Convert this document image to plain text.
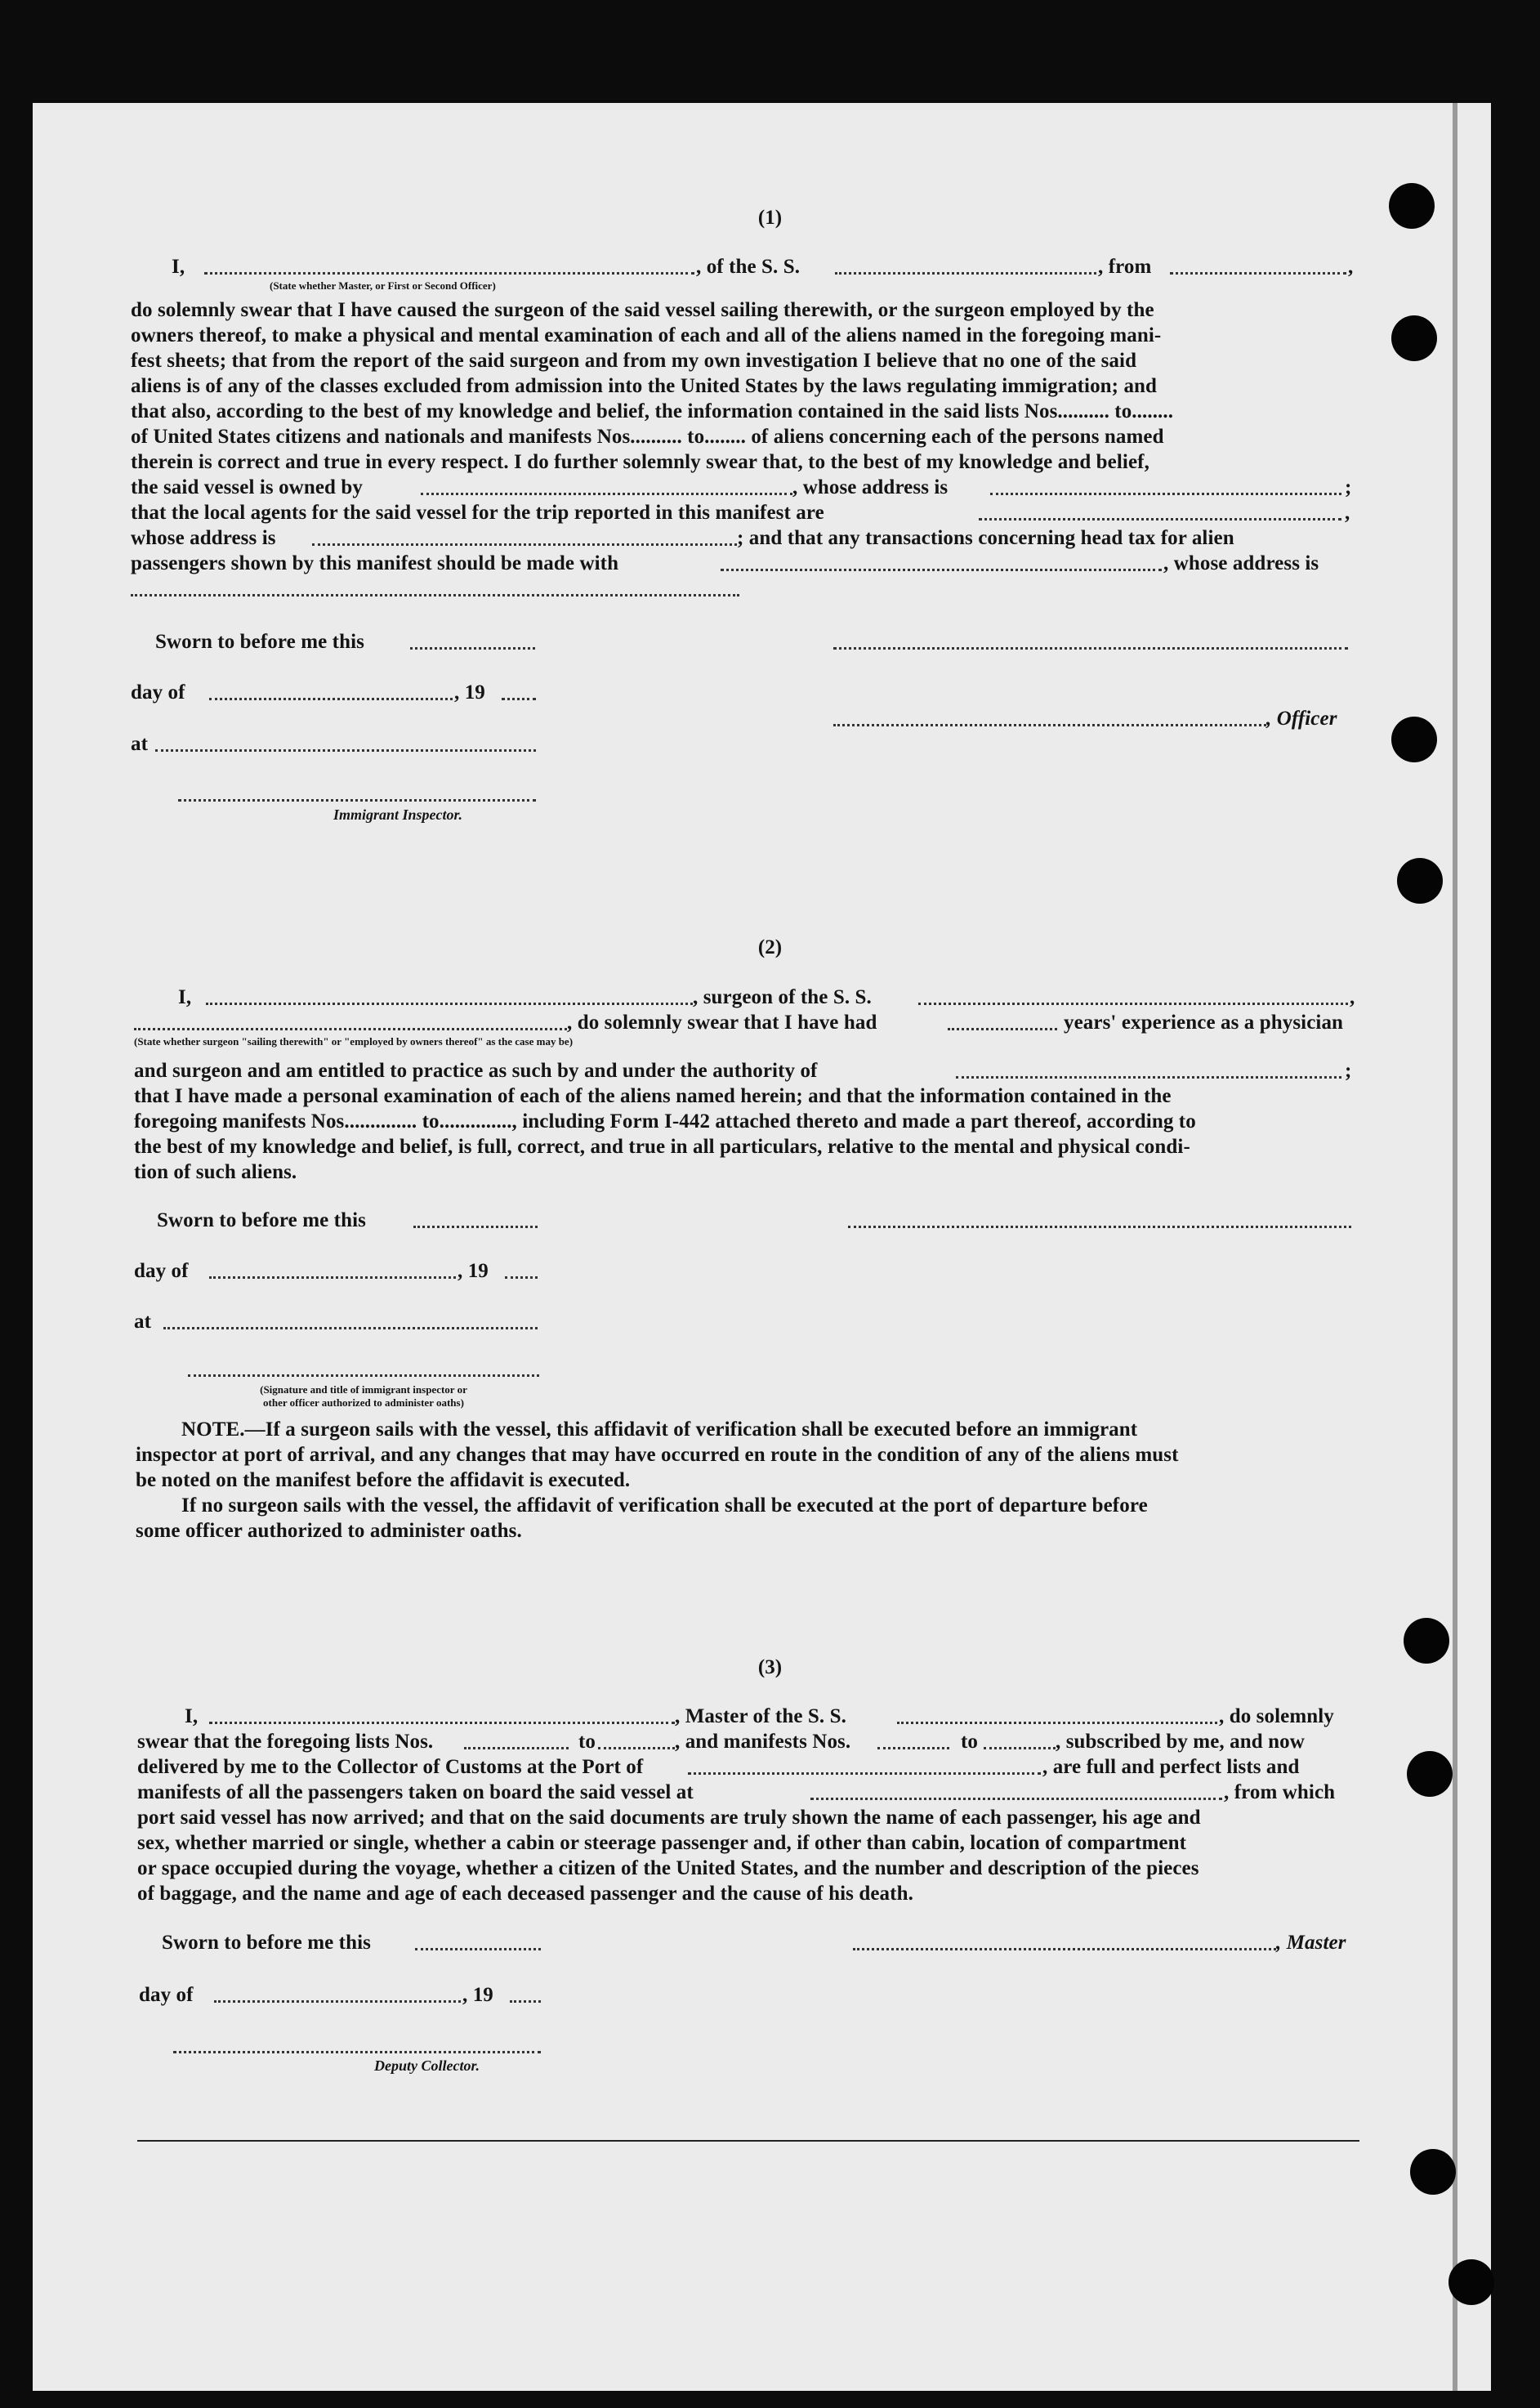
(1)
I,	, of the S. S.	, from	,
(State whether Master, or First or Second Officer)
do solemnly swear that I have caused the surgeon of the said vessel sailing therewith, or the surgeon employed by the
owners thereof, to make a physical and mental examination of each and all of the aliens named in the foregoing mani-
fest sheets; that from the report of the said surgeon and from my own investigation I believe that no one of the said
aliens is of any of the classes excluded from admission into the United States by the laws regulating immigration; and
that also, according to the best of my knowledge and belief, the information contained in the said lists Nos.......... to........
of United States citizens and nationals and manifests Nos.......... to........ of aliens concerning each of the persons named
therein is correct and true in every respect. I do further solemnly swear that, to the best of my knowledge and belief,
the said vessel is owned by	, whose address is	;
that the local agents for the said vessel for the trip reported in this manifest are	,
whose address is	; and that any transactions concerning head tax for alien
passengers shown by this manifest should be made with	, whose address is
Sworn to before me this
day of	, 19
, Officer
at
Immigrant Inspector.
(2)
I,	, surgeon of the S. S.	,
, do solemnly swear that I have had	years' experience as a physician
(State whether surgeon "sailing therewith" or "employed by owners thereof" as the case may be)
and surgeon and am entitled to practice as such by and under the authority of	;
that I have made a personal examination of each of the aliens named herein; and that the information contained in the
foregoing manifests Nos.............. to.............., including Form I-442 attached thereto and made a part thereof, according to
the best of my knowledge and belief, is full, correct, and true in all particulars, relative to the mental and physical condi-
tion of such aliens.
Sworn to before me this
day of	, 19
at
(Signature and title of immigrant inspector or
other officer authorized to administer oaths)
NOTE.—If a surgeon sails with the vessel, this affidavit of verification shall be executed before an immigrant
inspector at port of arrival, and any changes that may have occurred en route in the condition of any of the aliens must
be noted on the manifest before the affidavit is executed.
If no surgeon sails with the vessel, the affidavit of verification shall be executed at the port of departure before
some officer authorized to administer oaths.
(3)
I,	, Master of the S. S.	, do solemnly
swear that the foregoing lists Nos.	to	, and manifests Nos.	to	, subscribed by me, and now
delivered by me to the Collector of Customs at the Port of	, are full and perfect lists and
manifests of all the passengers taken on board the said vessel at	, from which
port said vessel has now arrived; and that on the said documents are truly shown the name of each passenger, his age and
sex, whether married or single, whether a cabin or steerage passenger and, if other than cabin, location of compartment
or space occupied during the voyage, whether a citizen of the United States, and the number and description of the pieces
of baggage, and the name and age of each deceased passenger and the cause of his death.
Sworn to before me this	, Master
day of	, 19
Deputy Collector.
